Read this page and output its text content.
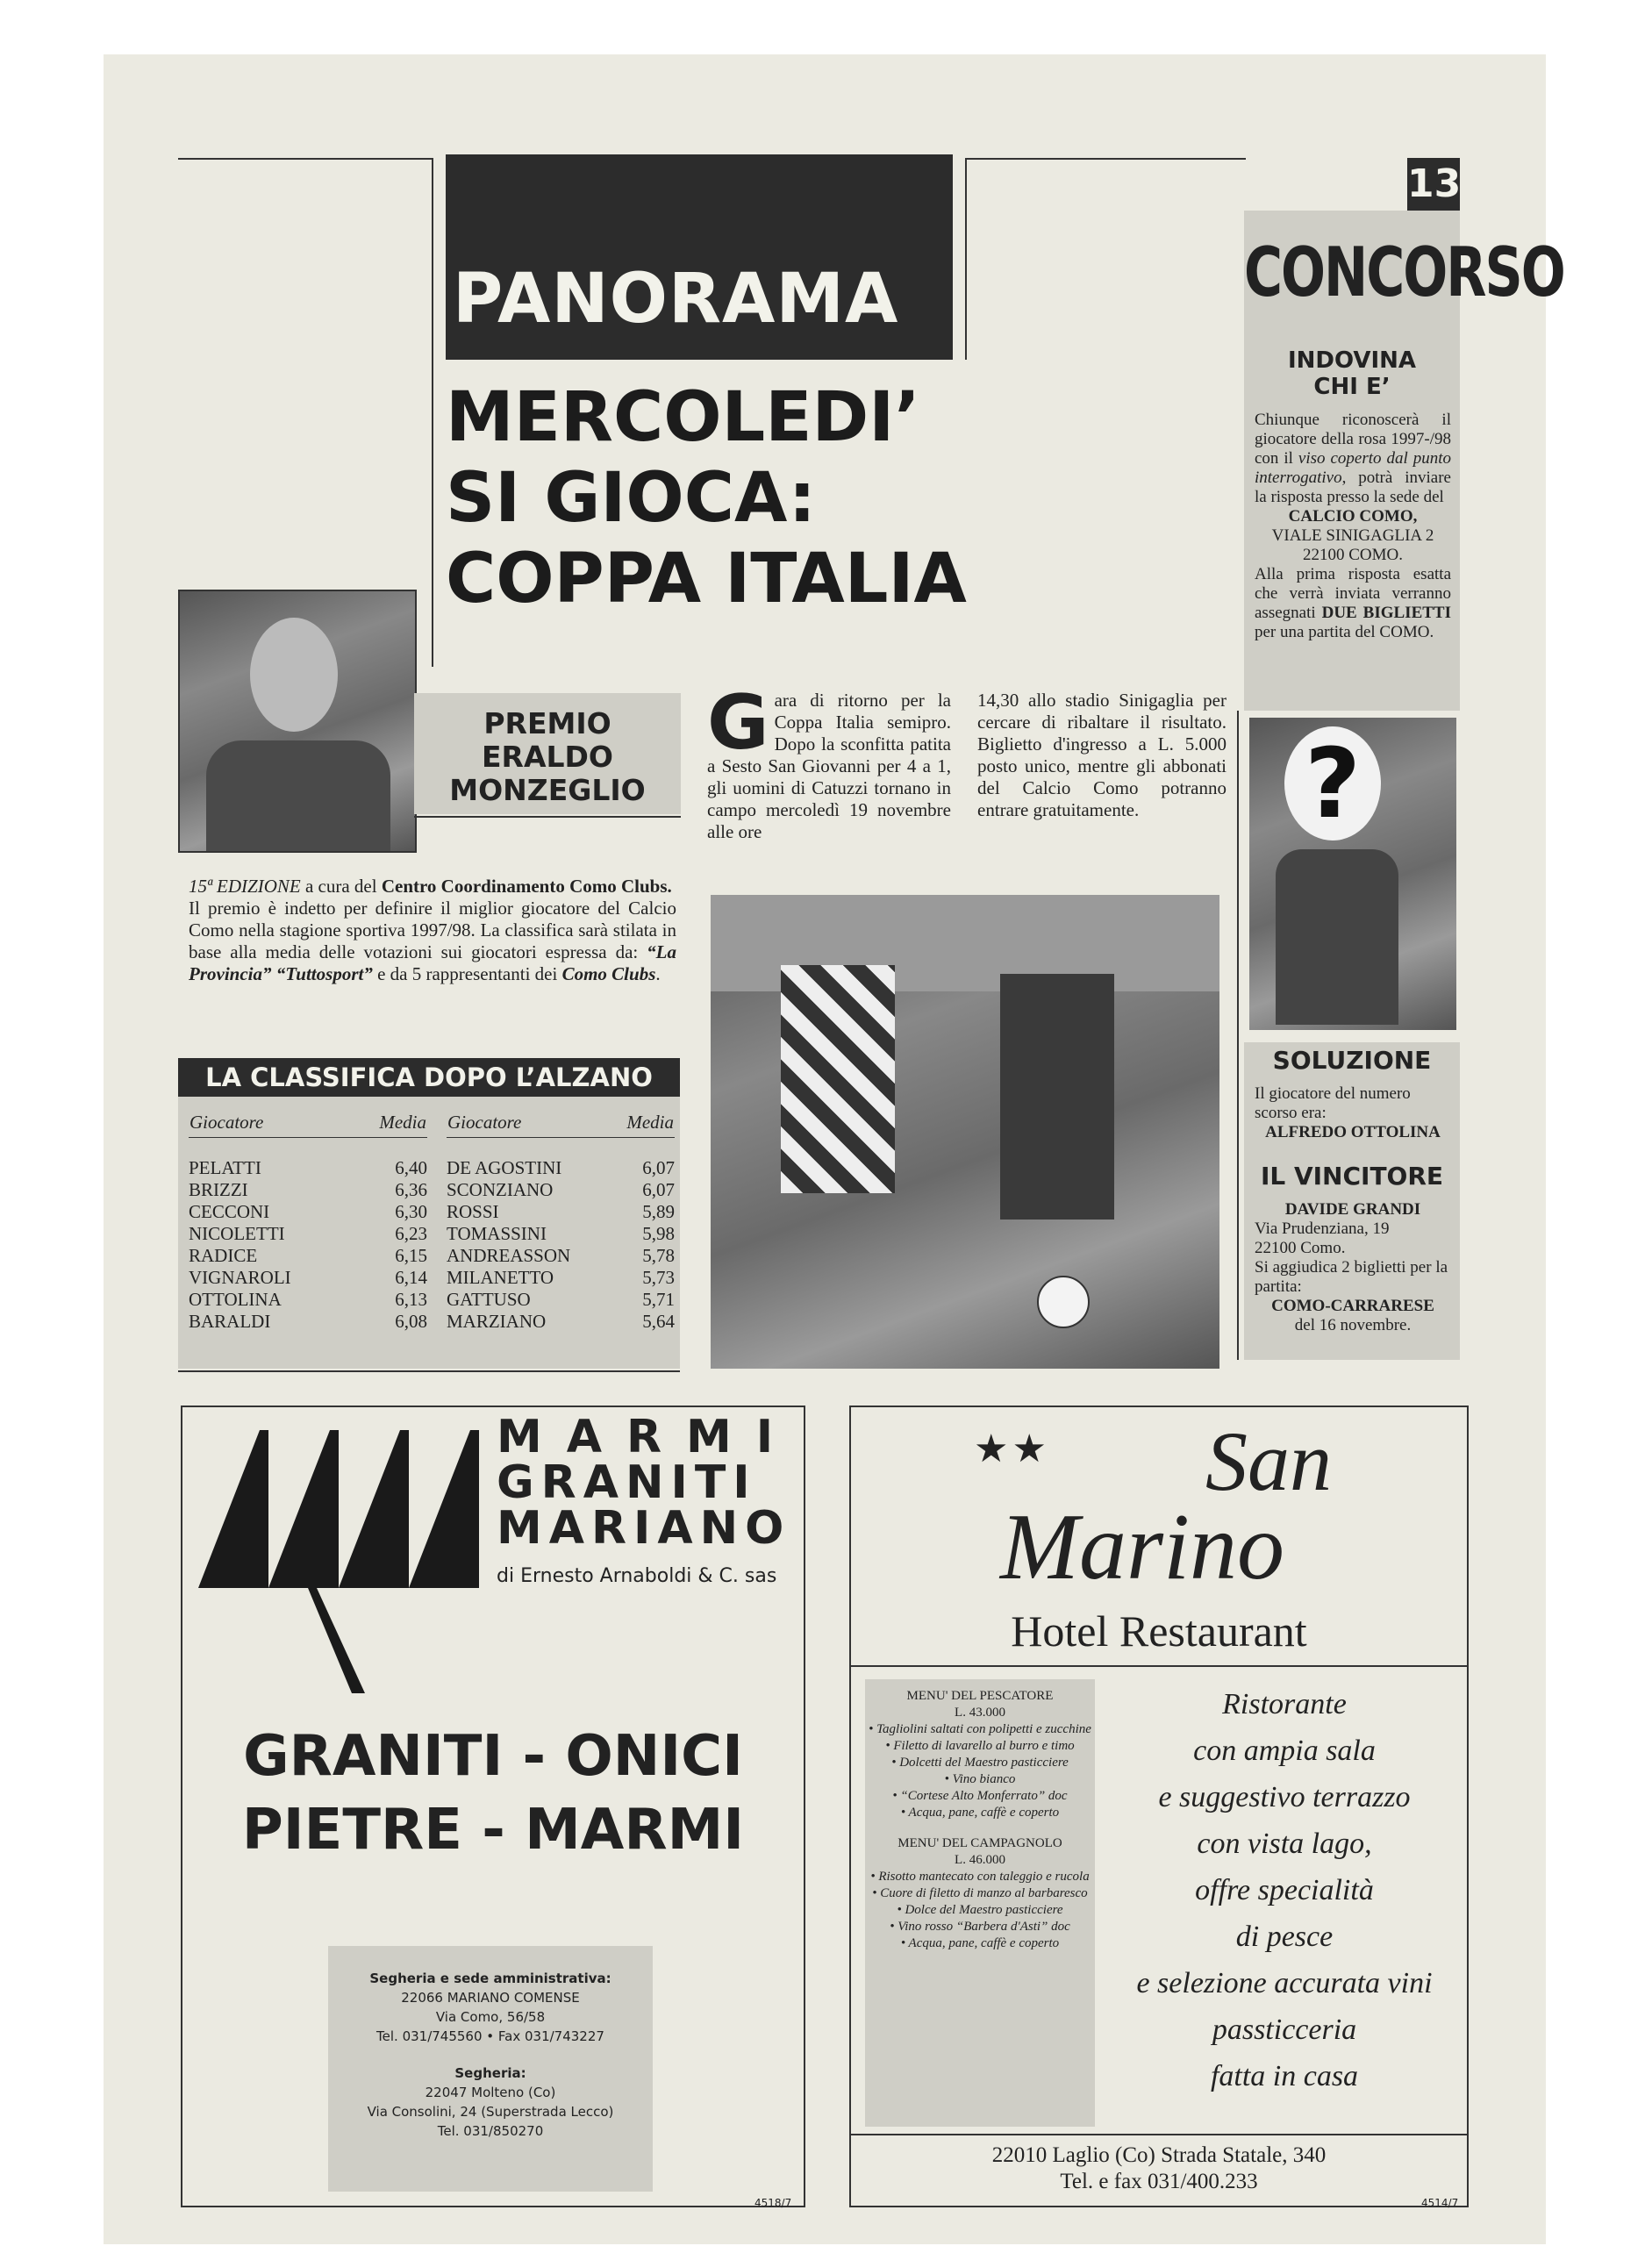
13
PANORAMA
MERCOLEDI’
SI GIOCA:
COPPA ITALIA
PREMIO
ERALDO
MONZEGLIO

15ª EDIZIONE a cura del Centro Coordinamento Como Clubs.

Il premio è indetto per definire il miglior giocatore del Calcio Como nella stagione sportiva 1997/98. La classifica sarà stilata in base alla media delle votazioni sui giocatori espressa da: “La Provincia” “Tuttosport” e da 5 rappresentanti dei Como Clubs.

LA CLASSIFICA DOPO L’ALZANO
Giocatore	Media
PELATTI	6,40
BRIZZI	6,36
CECCONI	6,30
NICOLETTI	6,23
RADICE	6,15
VIGNAROLI	6,14
OTTOLINA	6,13
BARALDI	6,08
Giocatore	Media
DE AGOSTINI	6,07
SCONZIANO	6,07
ROSSI	5,89
TOMASSINI	5,98
ANDREASSON	5,78
MILANETTO	5,73
GATTUSO	5,71
MARZIANO	5,64
G ara di ritorno per la Coppa Italia semipro. Dopo la sconfitta patita a Sesto San Giovanni per 4 a 1, gli uomini di Catuzzi tornano in campo mercoledì 19 novembre alle ore
14,30 allo stadio Sinigaglia per cercare di ribaltare il risultato. Biglietto d'ingresso a L. 5.000 posto unico, mentre gli abbonati del Calcio Como potranno entrare gratuitamente.
CONCORSO
INDOVINA
CHI E’
Chiunque riconoscerà il giocatore della rosa 1997-/98 con il viso coperto dal punto interrogativo, potrà inviare la risposta presso la sede del
CALCIO COMO,
VIALE SINIGAGLIA 2
22100 COMO.
Alla prima risposta esatta che verrà inviata verranno assegnati DUE BIGLIETTI per una partita del COMO.
?
SOLUZIONE
Il giocatore del numero scorso era:
ALFREDO OTTOLINA
IL VINCITORE
DAVIDE GRANDI
Via Prudenziana, 19
22100 Como.
Si aggiudica 2 biglietti per la partita:
COMO-CARRARESE
del 16 novembre.
MARMI
GRANITI
MARIANO
di Ernesto Arnaboldi & C. sas
GRANITI - ONICI
PIETRE - MARMI
Segheria e sede amministrativa:
22066 MARIANO COMENSE
Via Como, 56/58
Tel. 031/745560 • Fax 031/743227
Segheria:
22047 Molteno (Co)
Via Consolini, 24 (Superstrada Lecco)
Tel. 031/850270
4518/7
★★ San
Marino
Hotel Restaurant
MENU' DEL PESCATORE
L. 43.000
• Tagliolini saltati con polipetti e zucchine
• Filetto di lavarello al burro e timo
• Dolcetti del Maestro pasticciere
• Vino bianco
• “Cortese Alto Monferrato” doc
• Acqua, pane, caffè e coperto
MENU' DEL CAMPAGNOLO
L. 46.000
• Risotto mantecato con taleggio e rucola
• Cuore di filetto di manzo al barbaresco
• Dolce del Maestro pasticciere
• Vino rosso “Barbera d'Asti” doc
• Acqua, pane, caffè e coperto
Ristorante
con ampia sala
e suggestivo terrazzo
con vista lago,
offre specialità
di pesce
e selezione accurata vini
passticceria
fatta in casa
22010 Laglio (Co) Strada Statale, 340
Tel. e fax 031/400.233
4514/7
